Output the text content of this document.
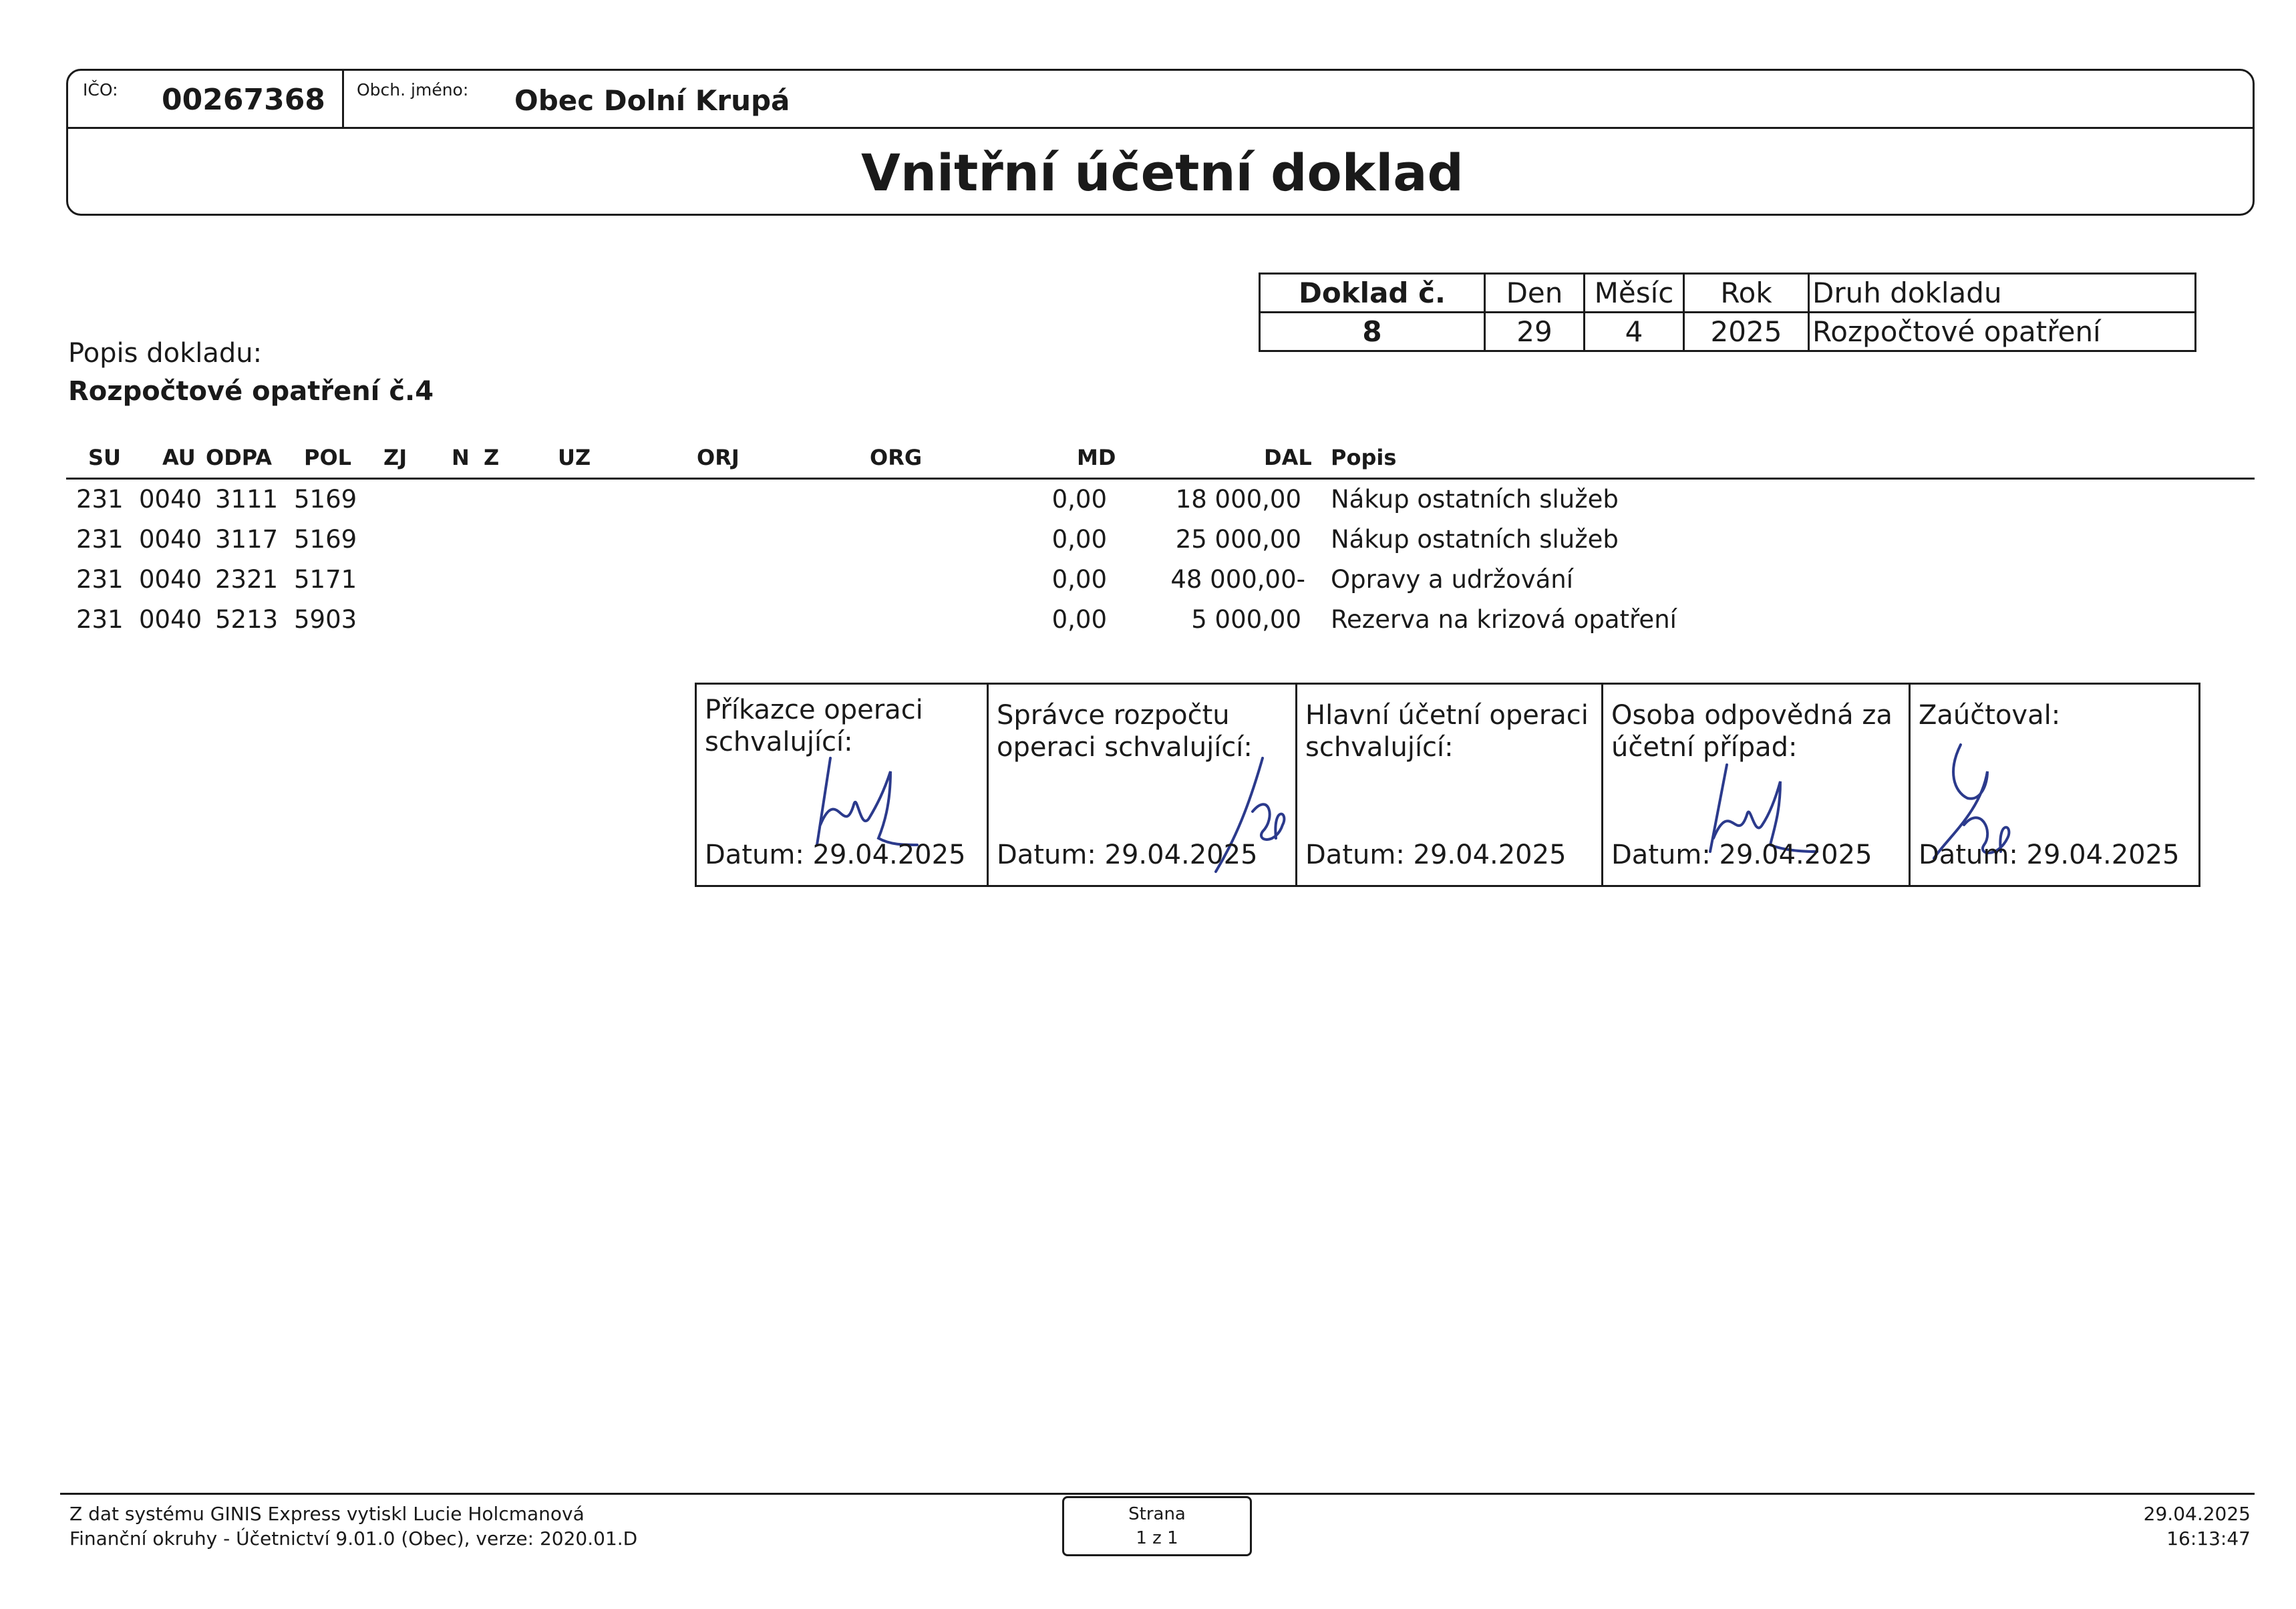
IČO: 00267368 Obch. jméno: Obec Dolní Krupá
Vnitřní účetní doklad
Doklad č.	Den	Měsíc	Rok	Druh dokladu
8	29	4	2025	Rozpočtové opatření
Popis dokladu:
Rozpočtové opatření č.4
SU AU ODPA POL ZJ N Z	UZ	ORJ	ORG	MD	DAL Popis
231 0040 3111 5169	0,00	18 000,00 Nákup ostatních služeb
231 0040 3117 5169	0,00	25 000,00 Nákup ostatních služeb
231 0040 2321 5171	0,00	48 000,00- Opravy a udržování
231 0040 5213 5903	0,00	5 000,00 Rezerva na krizová opatření
Příkazce operaci
schvalující:
Datum: 29.04.2025
Správce rozpočtu
operaci schvalující:
Datum: 29.04.2025
Hlavní účetní operaci
schvalující:
Datum: 29.04.2025
Osoba odpovědná za
účetní případ:
Datum: 29.04.2025
Zaúčtoval:
Datum: 29.04.2025
Z dat systému GINIS Express vytiskl Lucie Holcmanová
Finanční okruhy - Účetnictví 9.01.0 (Obec), verze: 2020.01.D
Strana
1 z 1
29.04.2025
16:13:47
